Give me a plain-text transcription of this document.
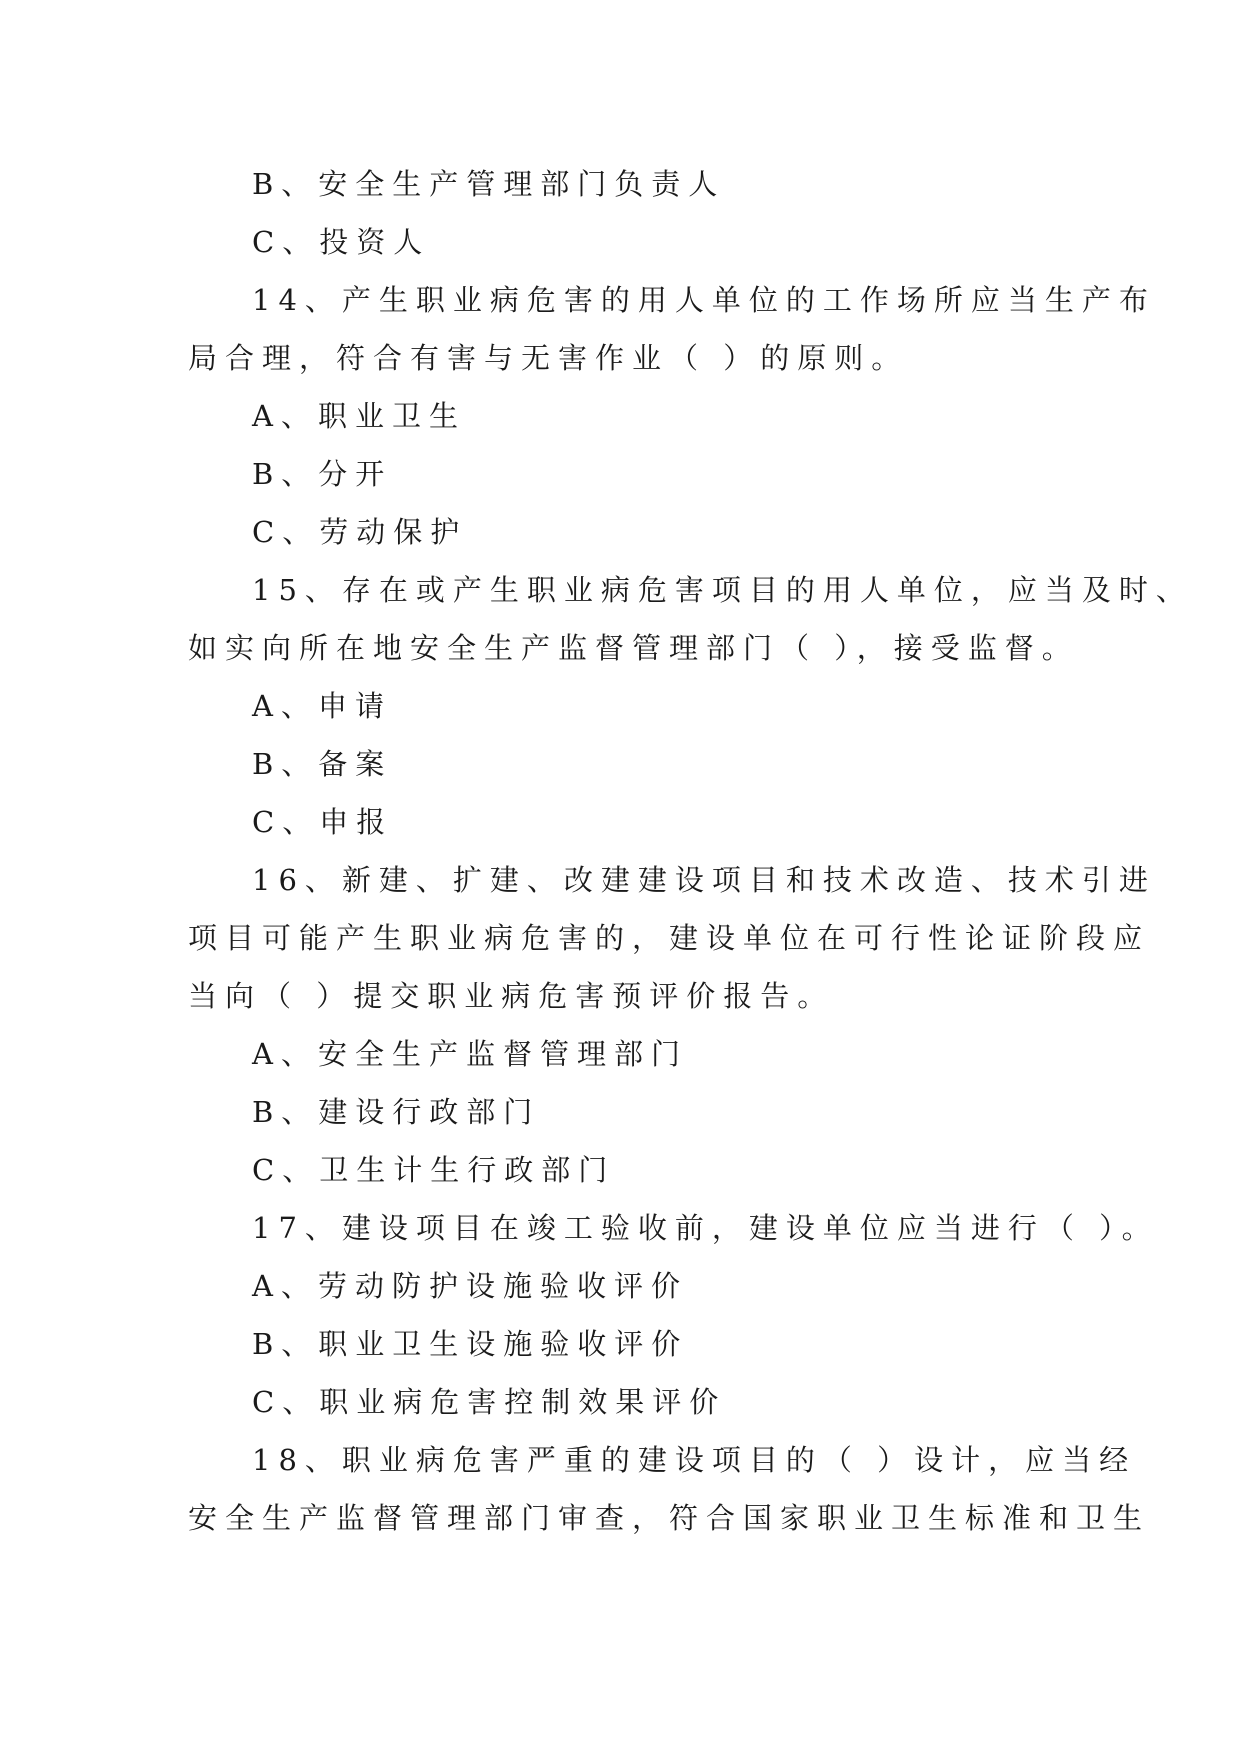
B、安全生产管理部门负责人
C、投资人
14、产生职业病危害的用人单位的工作场所应当生产布
局合理，符合有害与无害作业（ ）的原则。
A、职业卫生
B、分开
C、劳动保护
15、存在或产生职业病危害项目的用人单位，应当及时、
如实向所在地安全生产监督管理部门（ ），接受监督。
A、申请
B、备案
C、申报
16、新建、扩建、改建建设项目和技术改造、技术引进
项目可能产生职业病危害的，建设单位在可行性论证阶段应
当向（ ）提交职业病危害预评价报告。
A、安全生产监督管理部门
B、建设行政部门
C、卫生计生行政部门
17、建设项目在竣工验收前，建设单位应当进行（ ）。
A、劳动防护设施验收评价
B、职业卫生设施验收评价
C、职业病危害控制效果评价
18、职业病危害严重的建设项目的（ ）设计，应当经
安全生产监督管理部门审查，符合国家职业卫生标准和卫生
